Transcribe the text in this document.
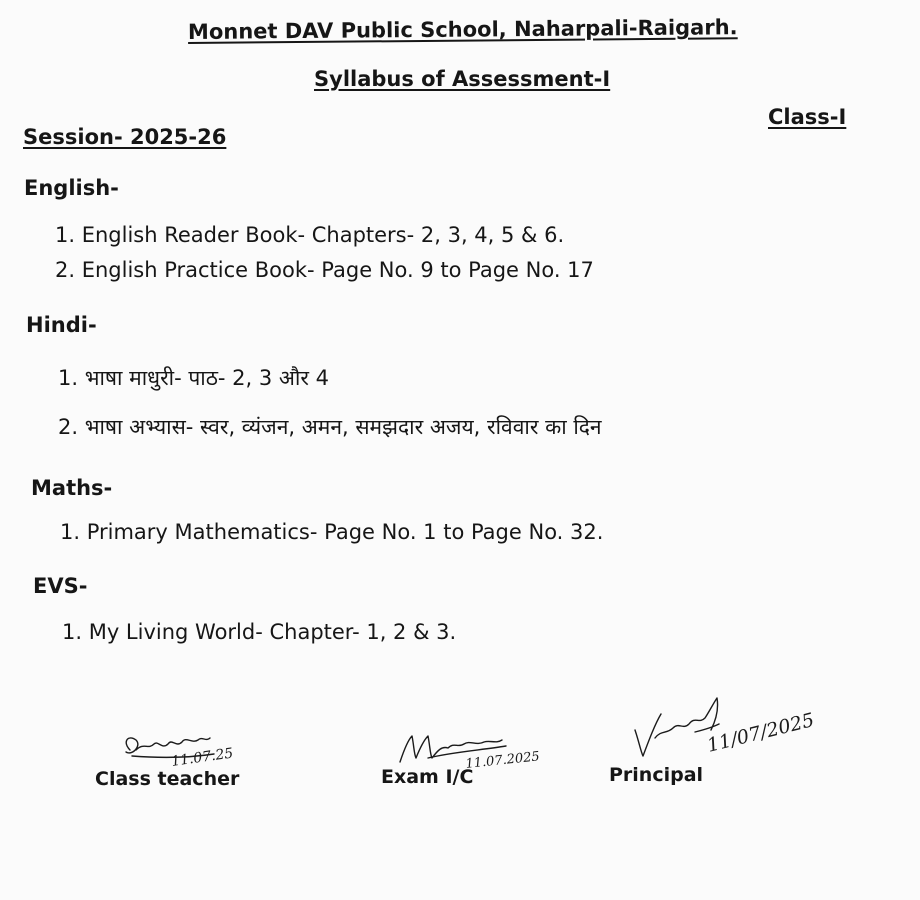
Monnet DAV Public School, Naharpali-Raigarh.
Syllabus of Assessment-I
Class-I
Session- 2025-26
English-
1. English Reader Book- Chapters- 2, 3, 4, 5 & 6.
2. English Practice Book- Page No. 9 to Page No. 17
Hindi-
1. भाषा माधुरी- पाठ- 2, 3 और 4
2. भाषा अभ्यास- स्वर, व्यंजन, अमन, समझदार अजय, रविवार का दिन
Maths-
1. Primary Mathematics- Page No. 1 to Page No. 32.
EVS-
1. My Living World- Chapter- 1, 2 & 3.
Class teacher	Exam I/C	Principal
11.07.25	11.07.2025
11/07/2025
